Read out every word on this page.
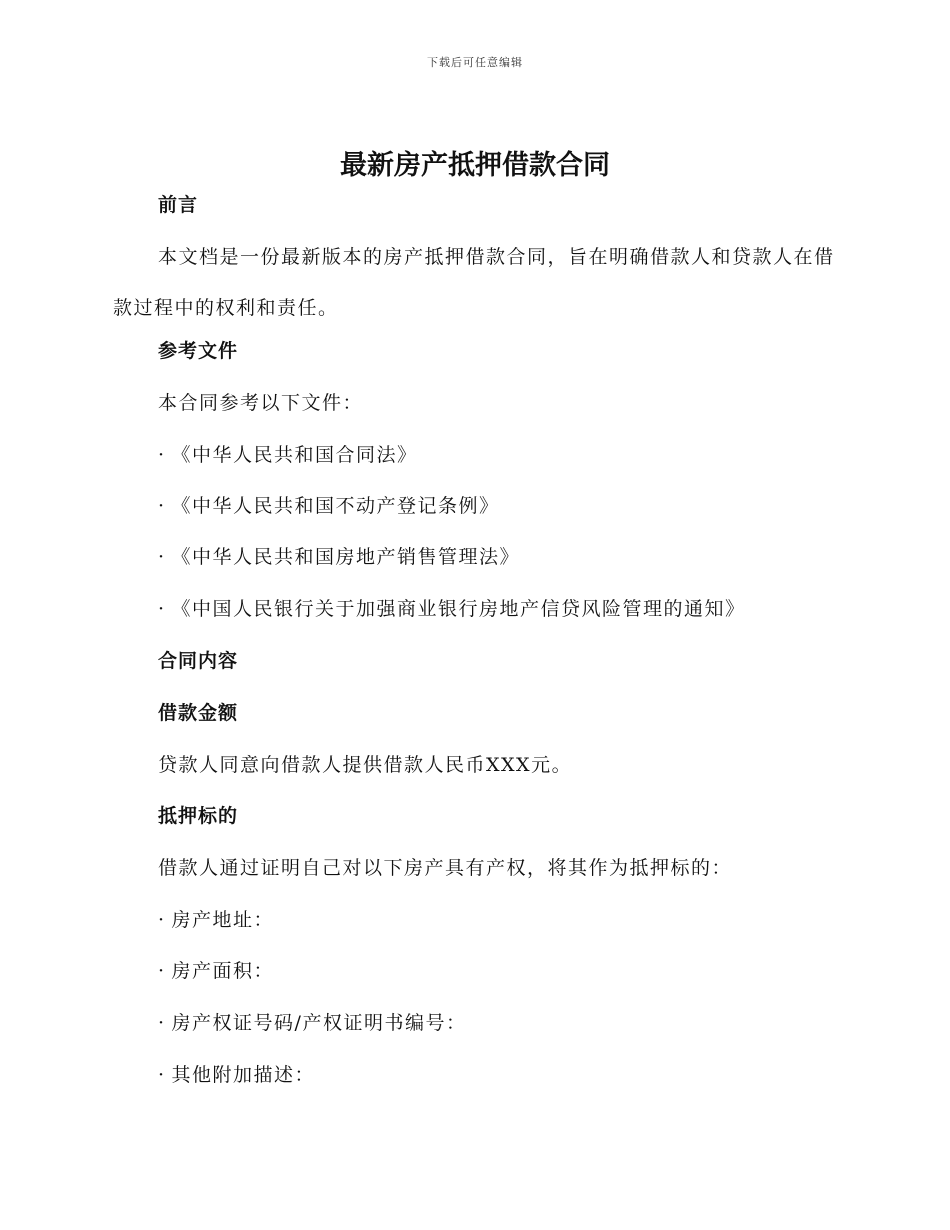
下载后可任意编辑
最新房产抵押借款合同
前言
本文档是一份最新版本的房产抵押借款合同，旨在明确借款人和贷款人在借款过程中的权利和责任。
参考文件
本合同参考以下文件：
· 《中华人民共和国合同法》
· 《中华人民共和国不动产登记条例》
· 《中华人民共和国房地产销售管理法》
· 《中国人民银行关于加强商业银行房地产信贷风险管理的通知》
合同内容
借款金额
贷款人同意向借款人提供借款人民币XXX元。
抵押标的
借款人通过证明自己对以下房产具有产权，将其作为抵押标的：
· 房产地址：
· 房产面积：
· 房产权证号码/产权证明书编号：
· 其他附加描述：
